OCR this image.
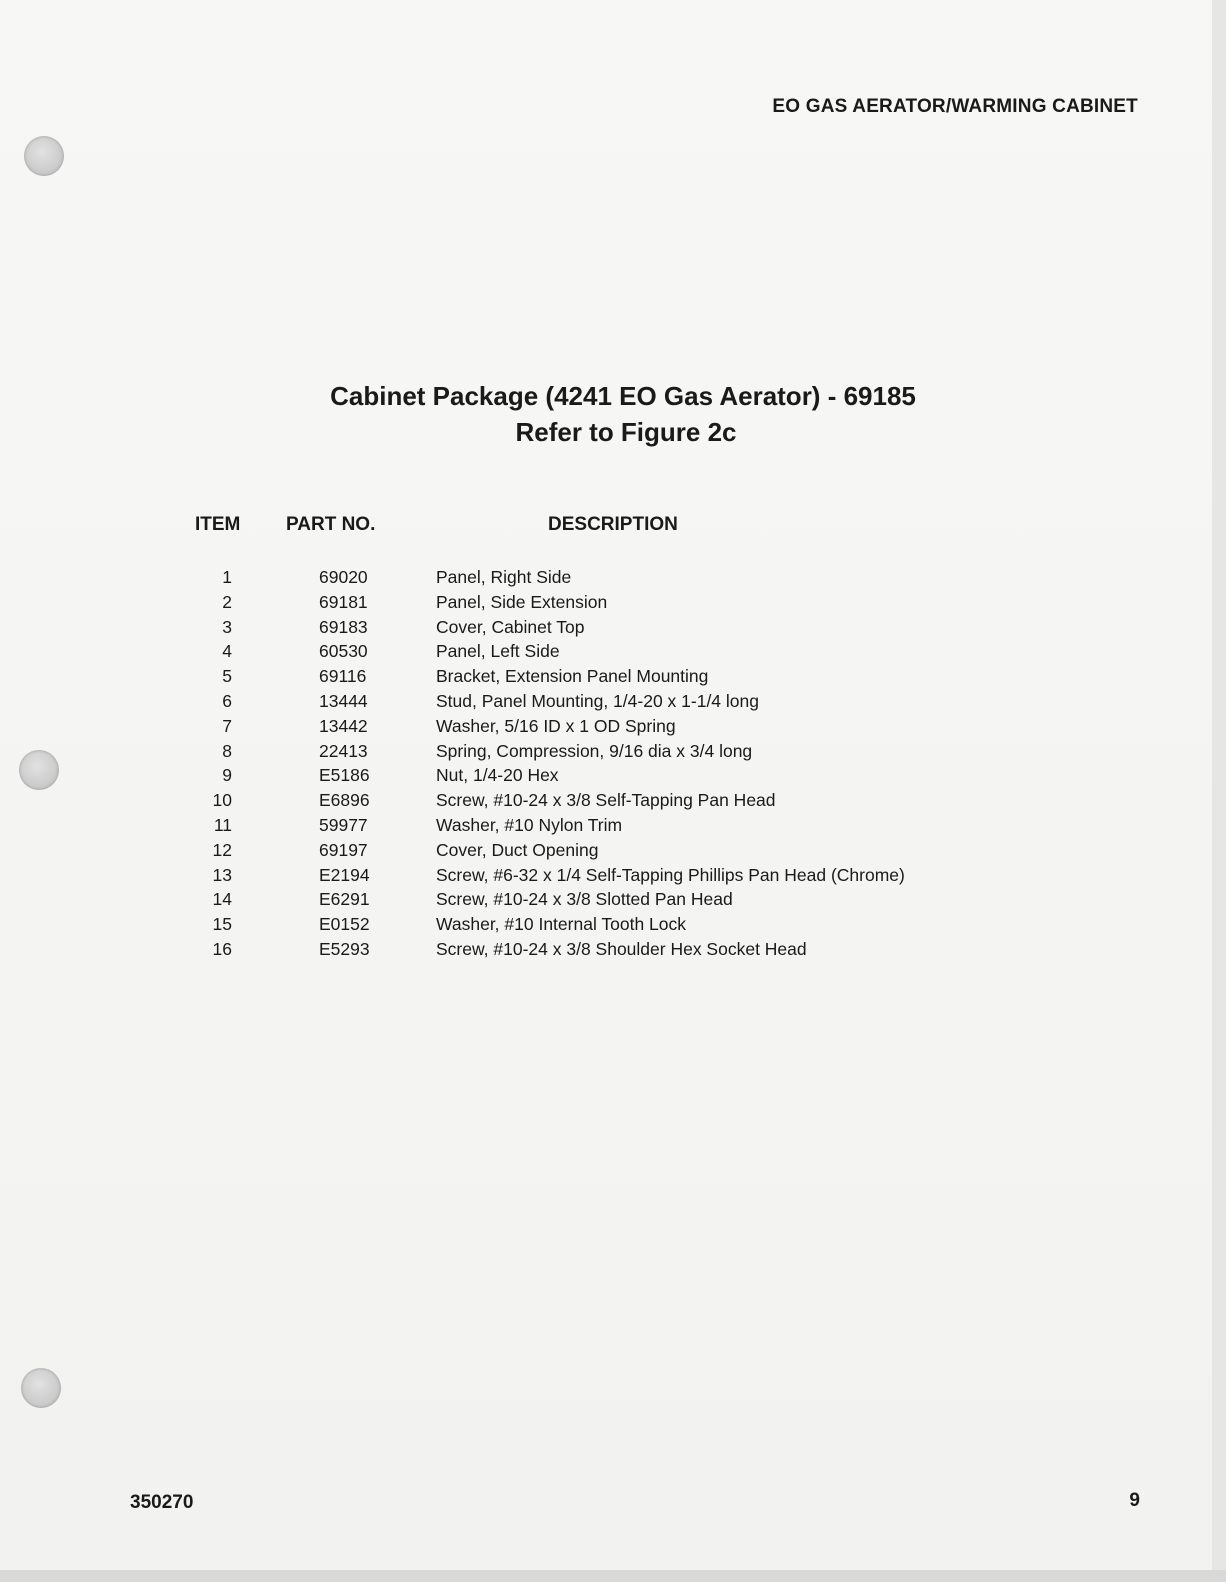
EO GAS AERATOR/WARMING CABINET
Cabinet Package (4241 EO Gas Aerator) - 69185
Refer to Figure 2c
ITEM PART NO.	DESCRIPTION
1	69020	Panel, Right Side
2	69181	Panel, Side Extension
3	69183	Cover, Cabinet Top
4	60530	Panel, Left Side
5	69116	Bracket, Extension Panel Mounting
6	13444	Stud, Panel Mounting, 1/4-20 x 1-1/4 long
7	13442	Washer, 5/16 ID x 1 OD Spring
8	22413	Spring, Compression, 9/16 dia x 3/4 long
9	E5186	Nut, 1/4-20 Hex
10	E6896	Screw, #10-24 x 3/8 Self-Tapping Pan Head
11	59977	Washer, #10 Nylon Trim
12	69197	Cover, Duct Opening
13	E2194	Screw, #6-32 x 1/4 Self-Tapping Phillips Pan Head (Chrome)
14	E6291	Screw, #10-24 x 3/8 Slotted Pan Head
15	E0152	Washer, #10 Internal Tooth Lock
16	E5293	Screw, #10-24 x 3/8 Shoulder Hex Socket Head
350270	9
